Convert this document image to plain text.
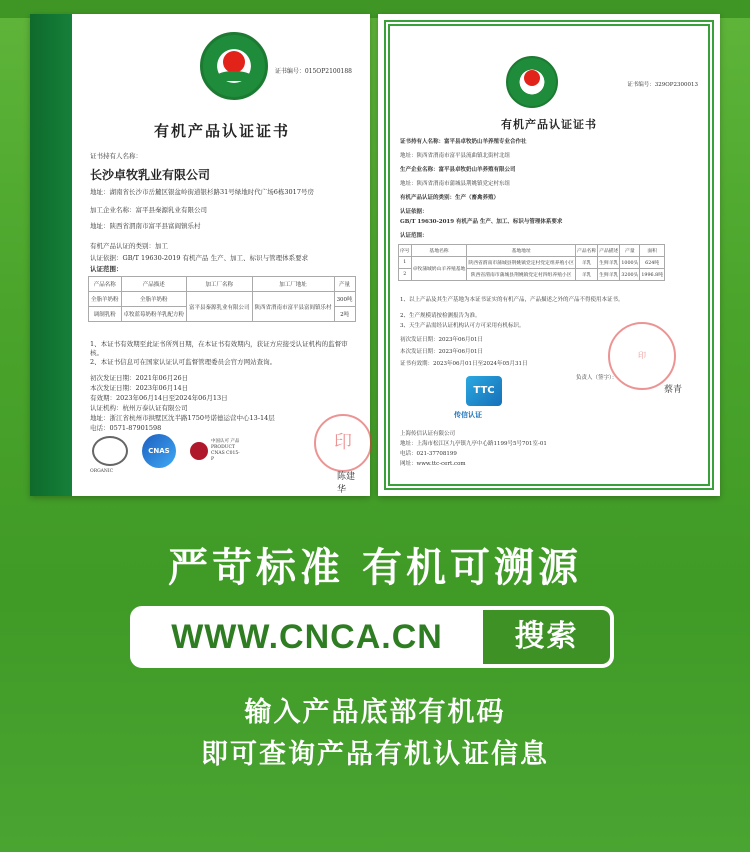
证书编号：015OP2100188
有机产品认证证书
证书持有人名称：
长沙卓牧乳业有限公司
地址：湖南省长沙市岳麓区银盆岭街道银杉路31号绿地时代广场6栋3017号房
加工企业名称：富平县秦源乳业有限公司
地址：陕西省渭南市富平县富阎镇乐村
有机产品认证的类别：加工
认证依据：GB/T 19630-2019 有机产品 生产、加工、标识与管理体系要求
认证范围：
产品名称	产品描述	加工厂名称	加工厂地址	产量
全脂羊奶粉	全脂羊奶粉	富平县秦源乳业有限公司	陕西省渭南市富平县富阎镇乐村	300吨
调制乳粉	卓牧蓝莓奶粉羊乳配方粉			2吨
1、本证书有效期至此证书所列日期，在本证书有效期内，获证方应接受认证机构的监督审核。
2、本证书信息可在国家认证认可监督管理委员会官方网站查询。
初次发证日期：2021年06月26日
本次发证日期：2023年06月14日
有效期：2023年06月14日至2024年06月13日
认证机构：杭州万泰认证有限公司
地址：浙江省杭州市拱墅区沈半路1750号诺德运营中心13-14层
电话：0571-87901598
ORGANIC
CNAS
中国认可 产品 PRODUCT CNAS C015-P
印
陈建华
证书编号：329OP2300013
有机产品认证证书
证书持有人名称：富平县卓牧奶山羊养殖专业合作社
地址：陕西省渭南市富平县流曲镇北街村北组
生产企业名称：富平县卓牧奶山羊养殖有限公司
地址：陕西省渭南市蒲城县荆姚镇党定村东组
有机产品认证的类别：生产（畜禽养殖）
认证依据：
GB/T 19630-2019 有机产品 生产、加工、标识与管理体系要求
认证范围：
序号	基地名称	基地地址	产品名称	产品描述	产量	面积
1	卓牧蒲城奶山羊养殖基地	陕西省渭南市蒲城县荆姚镇党定村党定组养殖小区	羊乳	生鲜羊乳	1000头	624吨
2		陕西省渭南市蒲城县荆姚镇党定村四组养殖小区	羊乳	生鲜羊乳	3200头	1996.8吨
1、以上产品及其生产基地为本证书证实的有机产品，产品描述之外的产品不得使用本证书。
2、生产规模请按检测报告为准。
3、天生产品需经认证机构认可方可采用有机标识。
初次发证日期：2023年06月01日
本次发证日期：2023年06月01日
证书有效期：2023年06月01日至2024年05月31日
印
负责人（签字）：
蔡青
TTC
传信认证
上海传信认证有限公司
地址：上海市松江区九亭镇九亭中心路1199号5号701室-01
电话：021-37708199
网址：www.ttc-cert.com
严苛标准 有机可溯源
WWW.CNCA.CN	搜索
输入产品底部有机码
即可查询产品有机认证信息
